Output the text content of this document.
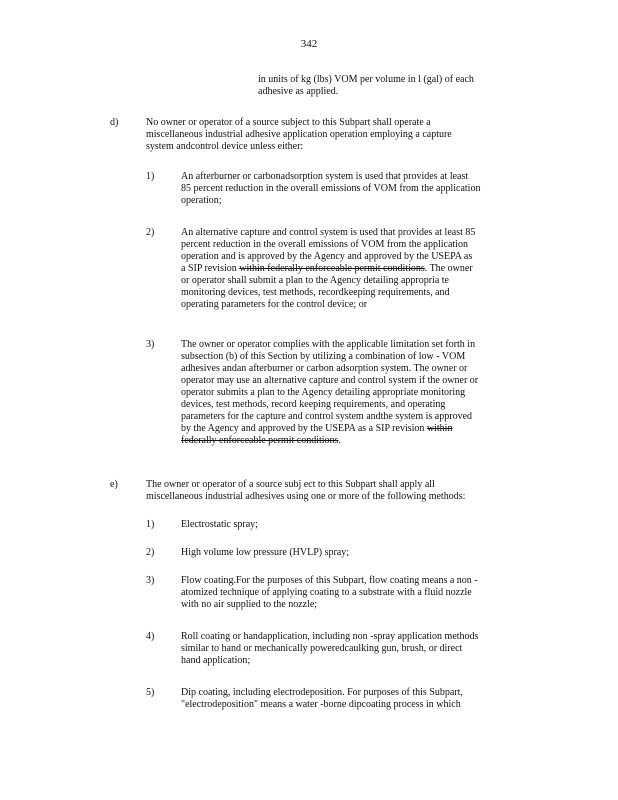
342
in units of kg (lbs) VOM per volume in l (gal) of each
adhesive as applied.
d)	No owner or operator of a source subject to this Subpart shall operate a
miscellaneous industrial adhesive application operation employing a capture
system andcontrol device unless either:
1)	An afterburner or carbonadsorption system is used that provides at least
85 percent reduction in the overall emissions of VOM from the application
operation;
2)	An alternative capture and control system is used that provides at least 85
percent reduction in the overall emissions of VOM from the application
operation and is approved by the Agency and approved by the USEPA as
a SIP revision within federally enforceable permit conditions. The owner
or operator shall submit a plan to the Agency detailing appropria te
monitoring devices, test methods, recordkeeping requirements, and
operating parameters for the control device; or
3)	The owner or operator complies with the applicable limitation set forth in
subsection (b) of this Section by utilizing a combination of low - VOM
adhesives andan afterburner or carbon adsorption system. The owner or
operator may use an alternative capture and control system if the owner or
operator submits a plan to the Agency detailing appropriate monitoring
devices, test methods, record keeping requirements, and operating
parameters for the capture and control system andthe system is approved
by the Agency and approved by the USEPA as a SIP revision within
federally enforceable permit conditions.
e)	The owner or operator of a source subj ect to this Subpart shall apply all
miscellaneous industrial adhesives using one or more of the following methods:
1)	Electrostatic spray;
2)	High volume low pressure (HVLP) spray;
3)	Flow coating.For the purposes of this Subpart, flow coating means a non -
atomized technique of applying coating to a substrate with a fluid nozzle
with no air supplied to the nozzle;
4)	Roll coating or handapplication, including non -spray application methods
similar to hand or mechanically poweredcaulking gun, brush, or direct
hand application;
5)	Dip coating, including electrodeposition. For purposes of this Subpart,
"electrodeposition" means a water -borne dipcoating process in which
